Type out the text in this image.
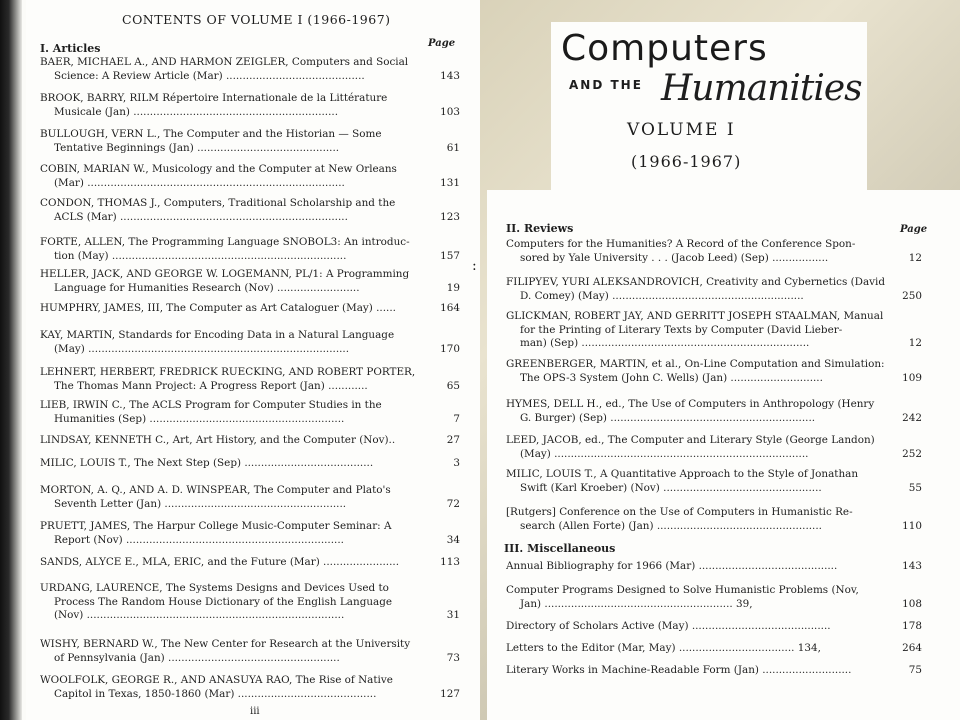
Computers
AND THE Humanities
VOLUME I
(1966-1967)
CONTENTS OF VOLUME I (1966-1967)
I. Articles	Page
BAER, MICHAEL A., AND HARMON ZEIGLER, Computers and Social
Science: A Review Article (Mar) ..........................................	143
BROOK, BARRY, RILM Répertoire Internationale de la Littérature
Musicale (Jan) ..............................................................	103
BULLOUGH, VERN L., The Computer and the Historian — Some
Tentative Beginnings (Jan) ...........................................	61
COBIN, MARIAN W., Musicology and the Computer at New Orleans
(Mar) ..............................................................................	131
CONDON, THOMAS J., Computers, Traditional Scholarship and the
ACLS (Mar) .....................................................................	123
FORTE, ALLEN, The Programming Language SNOBOL3: An introduc-
tion (May) .......................................................................	157
HELLER, JACK, AND GEORGE W. LOGEMANN, PL/1: A Programming
Language for Humanities Research (Nov) .........................	19
HUMPHRY, JAMES, III, The Computer as Art Cataloguer (May) ......	164
KAY, MARTIN, Standards for Encoding Data in a Natural Language
(May) ...............................................................................	170
LEHNERT, HERBERT, FREDRICK RUECKING, AND ROBERT PORTER,
The Thomas Mann Project: A Progress Report (Jan) ............	65
LIEB, IRWIN C., The ACLS Program for Computer Studies in the
Humanities (Sep) ...........................................................	7
LINDSAY, KENNETH C., Art, Art History, and the Computer (Nov)..	27
MILIC, LOUIS T., The Next Step (Sep) .......................................	3
MORTON, A. Q., AND A. D. WINSPEAR, The Computer and Plato's
Seventh Letter (Jan) .......................................................	72
PRUETT, JAMES, The Harpur College Music-Computer Seminar: A
Report (Nov) ..................................................................	34
SANDS, ALYCE E., MLA, ERIC, and the Future (Mar) .......................	113
URDANG, LAURENCE, The Systems Designs and Devices Used to
Process The Random House Dictionary of the English Language
(Nov) ..............................................................................	31
WISHY, BERNARD W., The New Center for Research at the University
of Pennsylvania (Jan) ....................................................	73
WOOLFOLK, GEORGE R., AND ANASUYA RAO, The Rise of Native
Capitol in Texas, 1850-1860 (Mar) ..........................................	127
iii
:
II. Reviews	Page
Computers for the Humanities? A Record of the Conference Spon-
sored by Yale University . . . (Jacob Leed) (Sep) .................	12
FILIPYEV, YURI ALEKSANDROVICH, Creativity and Cybernetics (David
D. Comey) (May) ..........................................................	250
GLICKMAN, ROBERT JAY, AND GERRITT JOSEPH STAALMAN, Manual
for the Printing of Literary Texts by Computer (David Lieber-
man) (Sep) .....................................................................	12
GREENBERGER, MARTIN, et al., On-Line Computation and Simulation:
The OPS-3 System (John C. Wells) (Jan) ............................	109
HYMES, DELL H., ed., The Use of Computers in Anthropology (Henry
G. Burger) (Sep) ..............................................................	242
LEED, JACOB, ed., The Computer and Literary Style (George Landon)
(May) .............................................................................	252
MILIC, LOUIS T., A Quantitative Approach to the Style of Jonathan
Swift (Karl Kroeber) (Nov) ................................................	55
[Rutgers] Conference on the Use of Computers in Humanistic Re-
search (Allen Forte) (Jan) ..................................................	110
III. Miscellaneous
Annual Bibliography for 1966 (Mar) ..........................................	143
Computer Programs Designed to Solve Humanistic Problems (Nov,
Jan) ......................................................... 39,	108
Directory of Scholars Active (May) ..........................................	178
Letters to the Editor (Mar, May) ................................... 134,	264
Literary Works in Machine-Readable Form (Jan) ...........................	75
